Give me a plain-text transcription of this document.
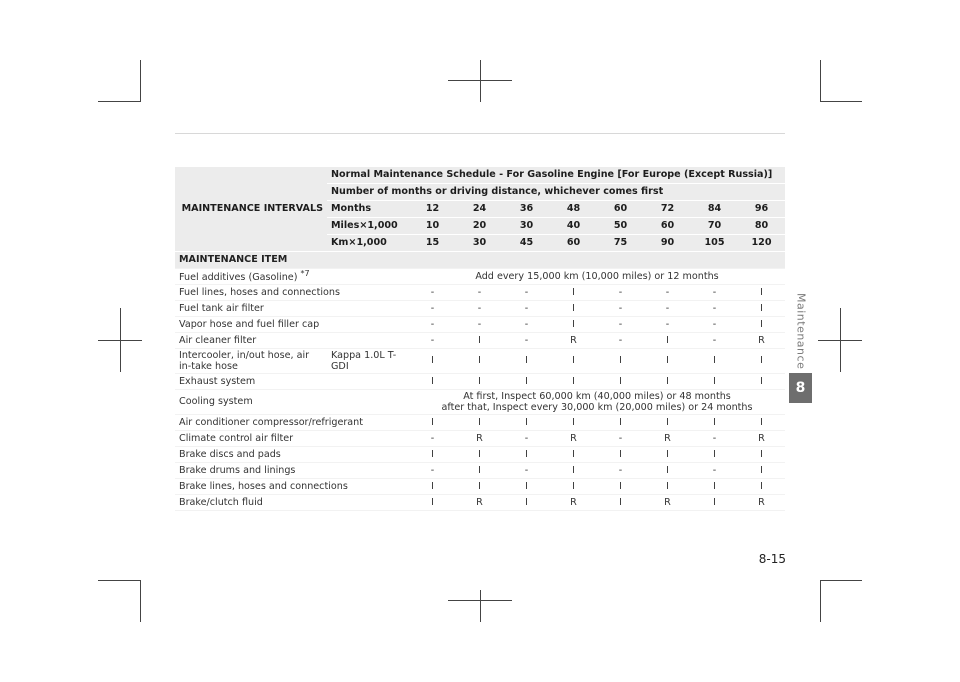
MAINTENANCE INTERVALS	Normal Maintenance Schedule - For Gasoline Engine [For Europe (Except Russia)]								
	Number of months or driving distance, whichever comes first								
	Months	12	24	36	48	60	72	84	96
	Miles×1,000	10	20	30	40	50	60	70	80
	Km×1,000	15	30	45	60	75	90	105	120
MAINTENANCE ITEM									
Fuel additives (Gasoline) $^{*7}$		Add every 15,000 km (10,000 miles) or 12 months							
Fuel lines, hoses and connections		-	-	-	I	-	-	-	I
Fuel tank air filter		-	-	-	I	-	-	-	I
Vapor hose and fuel filler cap		-	-	-	I	-	-	-	I
Air cleaner filter		-	I	-	R	-	I	-	R
Intercooler, in/out hose, air in-take hose	Kappa 1.0L T-GDI	I	I	I	I	I	I	I	I
Exhaust system		I	I	I	I	I	I	I	I
Cooling system		At first, Inspect 60,000 km (40,000 miles) or 48 months
after that, Inspect every 30,000 km (20,000 miles) or 24 months							

Air conditioner compressor/refrigerant		I	I	I	I	I	I	I	I
Climate control air filter		-	R	-	R	-	R	-	R
Brake discs and pads		I	I	I	I	I	I	I	I
Brake drums and linings		-	I	-	I	-	I	-	I
Brake lines, hoses and connections		I	I	I	I	I	I	I	I
Brake/clutch fluid		I	R	I	R	I	R	I	R
Maintenance
8
8-15
